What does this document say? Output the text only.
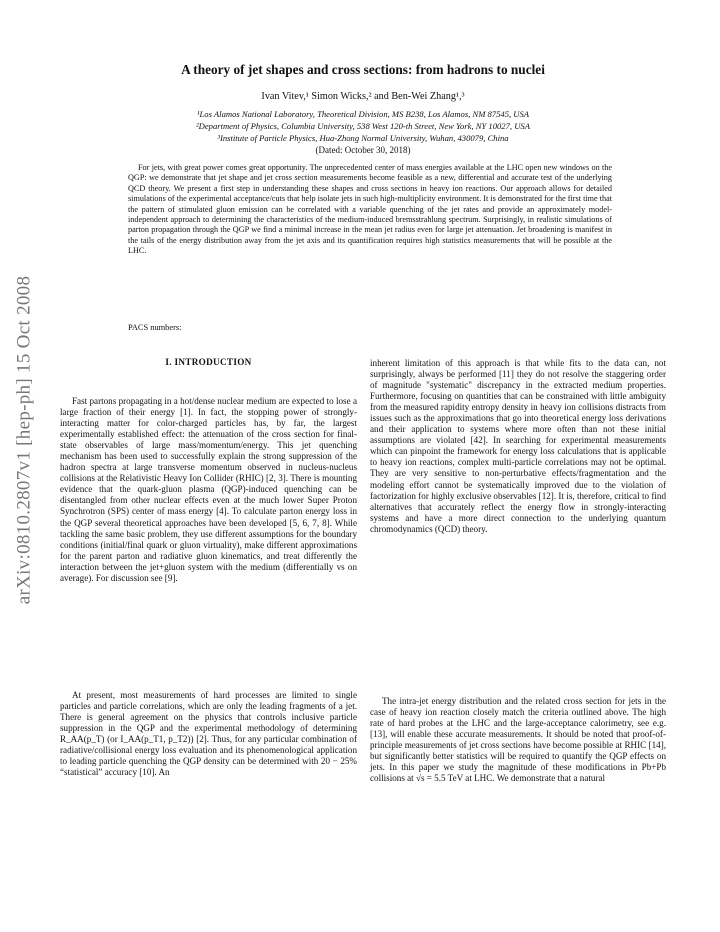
arXiv:0810.2807v1 [hep-ph] 15 Oct 2008
A theory of jet shapes and cross sections: from hadrons to nuclei
Ivan Vitev,¹ Simon Wicks,² and Ben-Wei Zhang¹,³
¹Los Alamos National Laboratory, Theoretical Division, MS B238, Los Alamos, NM 87545, USA
²Department of Physics, Columbia University, 538 West 120-th Street, New York, NY 10027, USA
³Institute of Particle Physics, Hua-Zhong Normal University, Wuhan, 430079, China
(Dated: October 30, 2018)
For jets, with great power comes great opportunity. The unprecedented center of mass energies available at the LHC open new windows on the QGP: we demonstrate that jet shape and jet cross section measurements become feasible as a new, differential and accurate test of the underlying QCD theory. We present a first step in understanding these shapes and cross sections in heavy ion reactions. Our approach allows for detailed simulations of the experimental acceptance/cuts that help isolate jets in such high-multiplicity environment. It is demonstrated for the first time that the pattern of stimulated gluon emission can be correlated with a variable quenching of the jet rates and provide an approximately model-independent approach to determining the characteristics of the medium-induced bremsstrahlung spectrum. Surprisingly, in realistic simulations of parton propagation through the QGP we find a minimal increase in the mean jet radius even for large jet attenuation. Jet broadening is manifest in the tails of the energy distribution away from the jet axis and its quantification requires high statistics measurements that will be possible at the LHC.
PACS numbers:
I. INTRODUCTION

Fast partons propagating in a hot/dense nuclear medium are expected to lose a large fraction of their energy [1]. In fact, the stopping power of strongly-interacting matter for color-charged particles has, by far, the largest experimentally established effect: the attenuation of the cross section for final-state observables of large mass/momentum/energy. This jet quenching mechanism has been used to successfully explain the strong suppression of the hadron spectra at large transverse momentum observed in nucleus-nucleus collisions at the Relativistic Heavy Ion Collider (RHIC) [2, 3]. There is mounting evidence that the quark-gluon plasma (QGP)-induced quenching can be disentangled from other nuclear effects even at the much lower Super Proton Synchrotron (SPS) center of mass energy [4]. To calculate parton energy loss in the QGP several theoretical approaches have been developed [5, 6, 7, 8]. While tackling the same basic problem, they use different assumptions for the boundary conditions (initial/final quark or gluon virtuality), make different approximations for the parent parton and radiative gluon kinematics, and treat differently the interaction between the jet+gluon system with the medium (differentially vs on average). For discussion see [9].

At present, most measurements of hard processes are limited to single particles and particle correlations, which are only the leading fragments of a jet. There is general agreement on the physics that controls inclusive particle suppression in the QGP and the experimental methodology of determining R_AA(p_T) (or I_AA(p_T1, p_T2)) [2]. Thus, for any particular combination of radiative/collisional energy loss evaluation and its phenomenological application to leading particle quenching the QGP density can be determined with 20 − 25% “statistical” accuracy [10]. An

inherent limitation of this approach is that while fits to the data can, not surprisingly, always be performed [11] they do not resolve the staggering order of magnitude "systematic" discrepancy in the extracted medium properties. Furthermore, focusing on quantities that can be constrained with little ambiguity from the measured rapidity entropy density in heavy ion collisions distracts from issues such as the approximations that go into theoretical energy loss derivations and their application to systems where more often than not these initial assumptions are violated [42]. In searching for experimental measurements which can pinpoint the framework for energy loss calculations that is applicable to heavy ion reactions, complex multi-particle correlations may not be optimal. They are very sensitive to non-perturbative effects/fragmentation and the modeling effort cannot be systematically improved due to the violation of factorization for highly exclusive observables [12]. It is, therefore, critical to find alternatives that accurately reflect the energy flow in strongly-interacting systems and have a more direct connection to the underlying quantum chromodynamics (QCD) theory.

The intra-jet energy distribution and the related cross section for jets in the case of heavy ion reaction closely match the criteria outlined above. The high rate of hard probes at the LHC and the large-acceptance calorimetry, see e.g. [13], will enable these accurate measurements. It should be noted that proof-of-principle measurements of jet cross sections have become possible at RHIC [14], but significantly better statistics will be required to quantify the QGP effects on jets. In this paper we study the magnitude of these modifications in Pb+Pb collisions at √s = 5.5 TeV at LHC. We demonstrate that a natural
